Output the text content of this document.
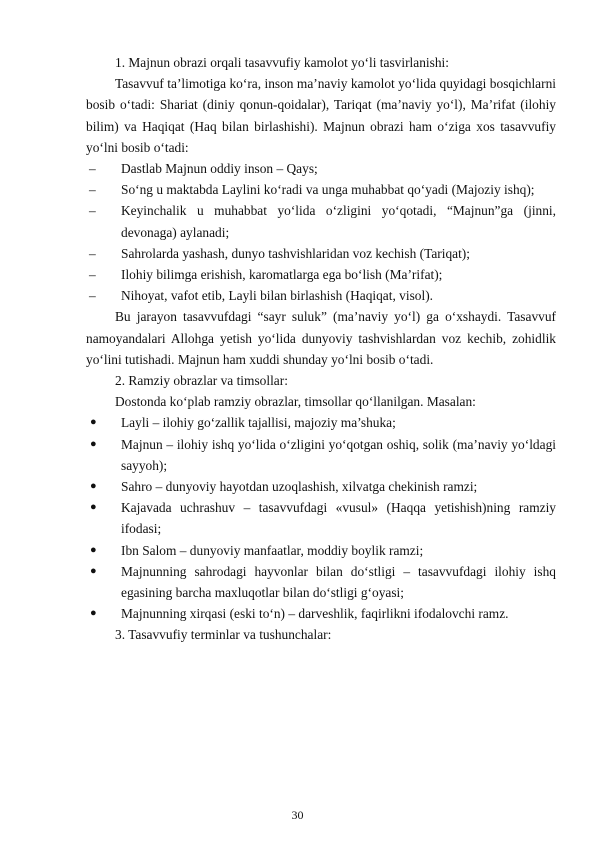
1. Majnun obrazi orqali tasavvufiy kamolot yo‘li tasvirlanishi:

Tasavvuf ta’limotiga ko‘ra, inson ma’naviy kamolot yo‘lida quyidagi bosqichlarni bosib o‘tadi: Shariat (diniy qonun-qoidalar), Tariqat (ma’naviy yo‘l), Ma’rifat (ilohiy bilim) va Haqiqat (Haq bilan birlashishi). Majnun obrazi ham o‘ziga xos tasavvufiy yo‘lni bosib o‘tadi:

– Dastlab Majnun oddiy inson – Qays;

– So‘ng u maktabda Laylini ko‘radi va unga muhabbat qo‘yadi (Majoziy ishq);

– Keyinchalik u muhabbat yo‘lida o‘zligini yo‘qotadi, “Majnun”ga (jinni, devonaga) aylanadi;

– Sahrolarda yashash, dunyo tashvishlaridan voz kechish (Tariqat);

– Ilohiy bilimga erishish, karomatlarga ega bo‘lish (Ma’rifat);

– Nihoyat, vafot etib, Layli bilan birlashish (Haqiqat, visol).

Bu jarayon tasavvufdagi “sayr suluk” (ma’naviy yo‘l) ga o‘xshaydi. Tasavvuf namoyandalari Allohga yetish yo‘lida dunyoviy tashvishlardan voz kechib, zohidlik yo‘lini tutishadi. Majnun ham xuddi shunday yo‘lni bosib o‘tadi.

2. Ramziy obrazlar va timsollar:

Dostonda ko‘plab ramziy obrazlar, timsollar qo‘llanilgan. Masalan:

● Layli – ilohiy go‘zallik tajallisi, majoziy ma’shuka;

● Majnun – ilohiy ishq yo‘lida o‘zligini yo‘qotgan oshiq, solik (ma’naviy yo‘ldagi sayyoh);

● Sahro – dunyoviy hayotdan uzoqlashish, xilvatga chekinish ramzi;

● Kajavada uchrashuv – tasavvufdagi «vusul» (Haqqa yetishish)ning ramziy ifodasi;

● Ibn Salom – dunyoviy manfaatlar, moddiy boylik ramzi;

● Majnunning sahrodagi hayvonlar bilan do‘stligi – tasavvufdagi ilohiy ishq egasining barcha maxluqotlar bilan do‘stligi g‘oyasi;

● Majnunning xirqasi (eski to‘n) – darveshlik, faqirlikni ifodalovchi ramz.

3. Tasavvufiy terminlar va tushunchalar:

30
